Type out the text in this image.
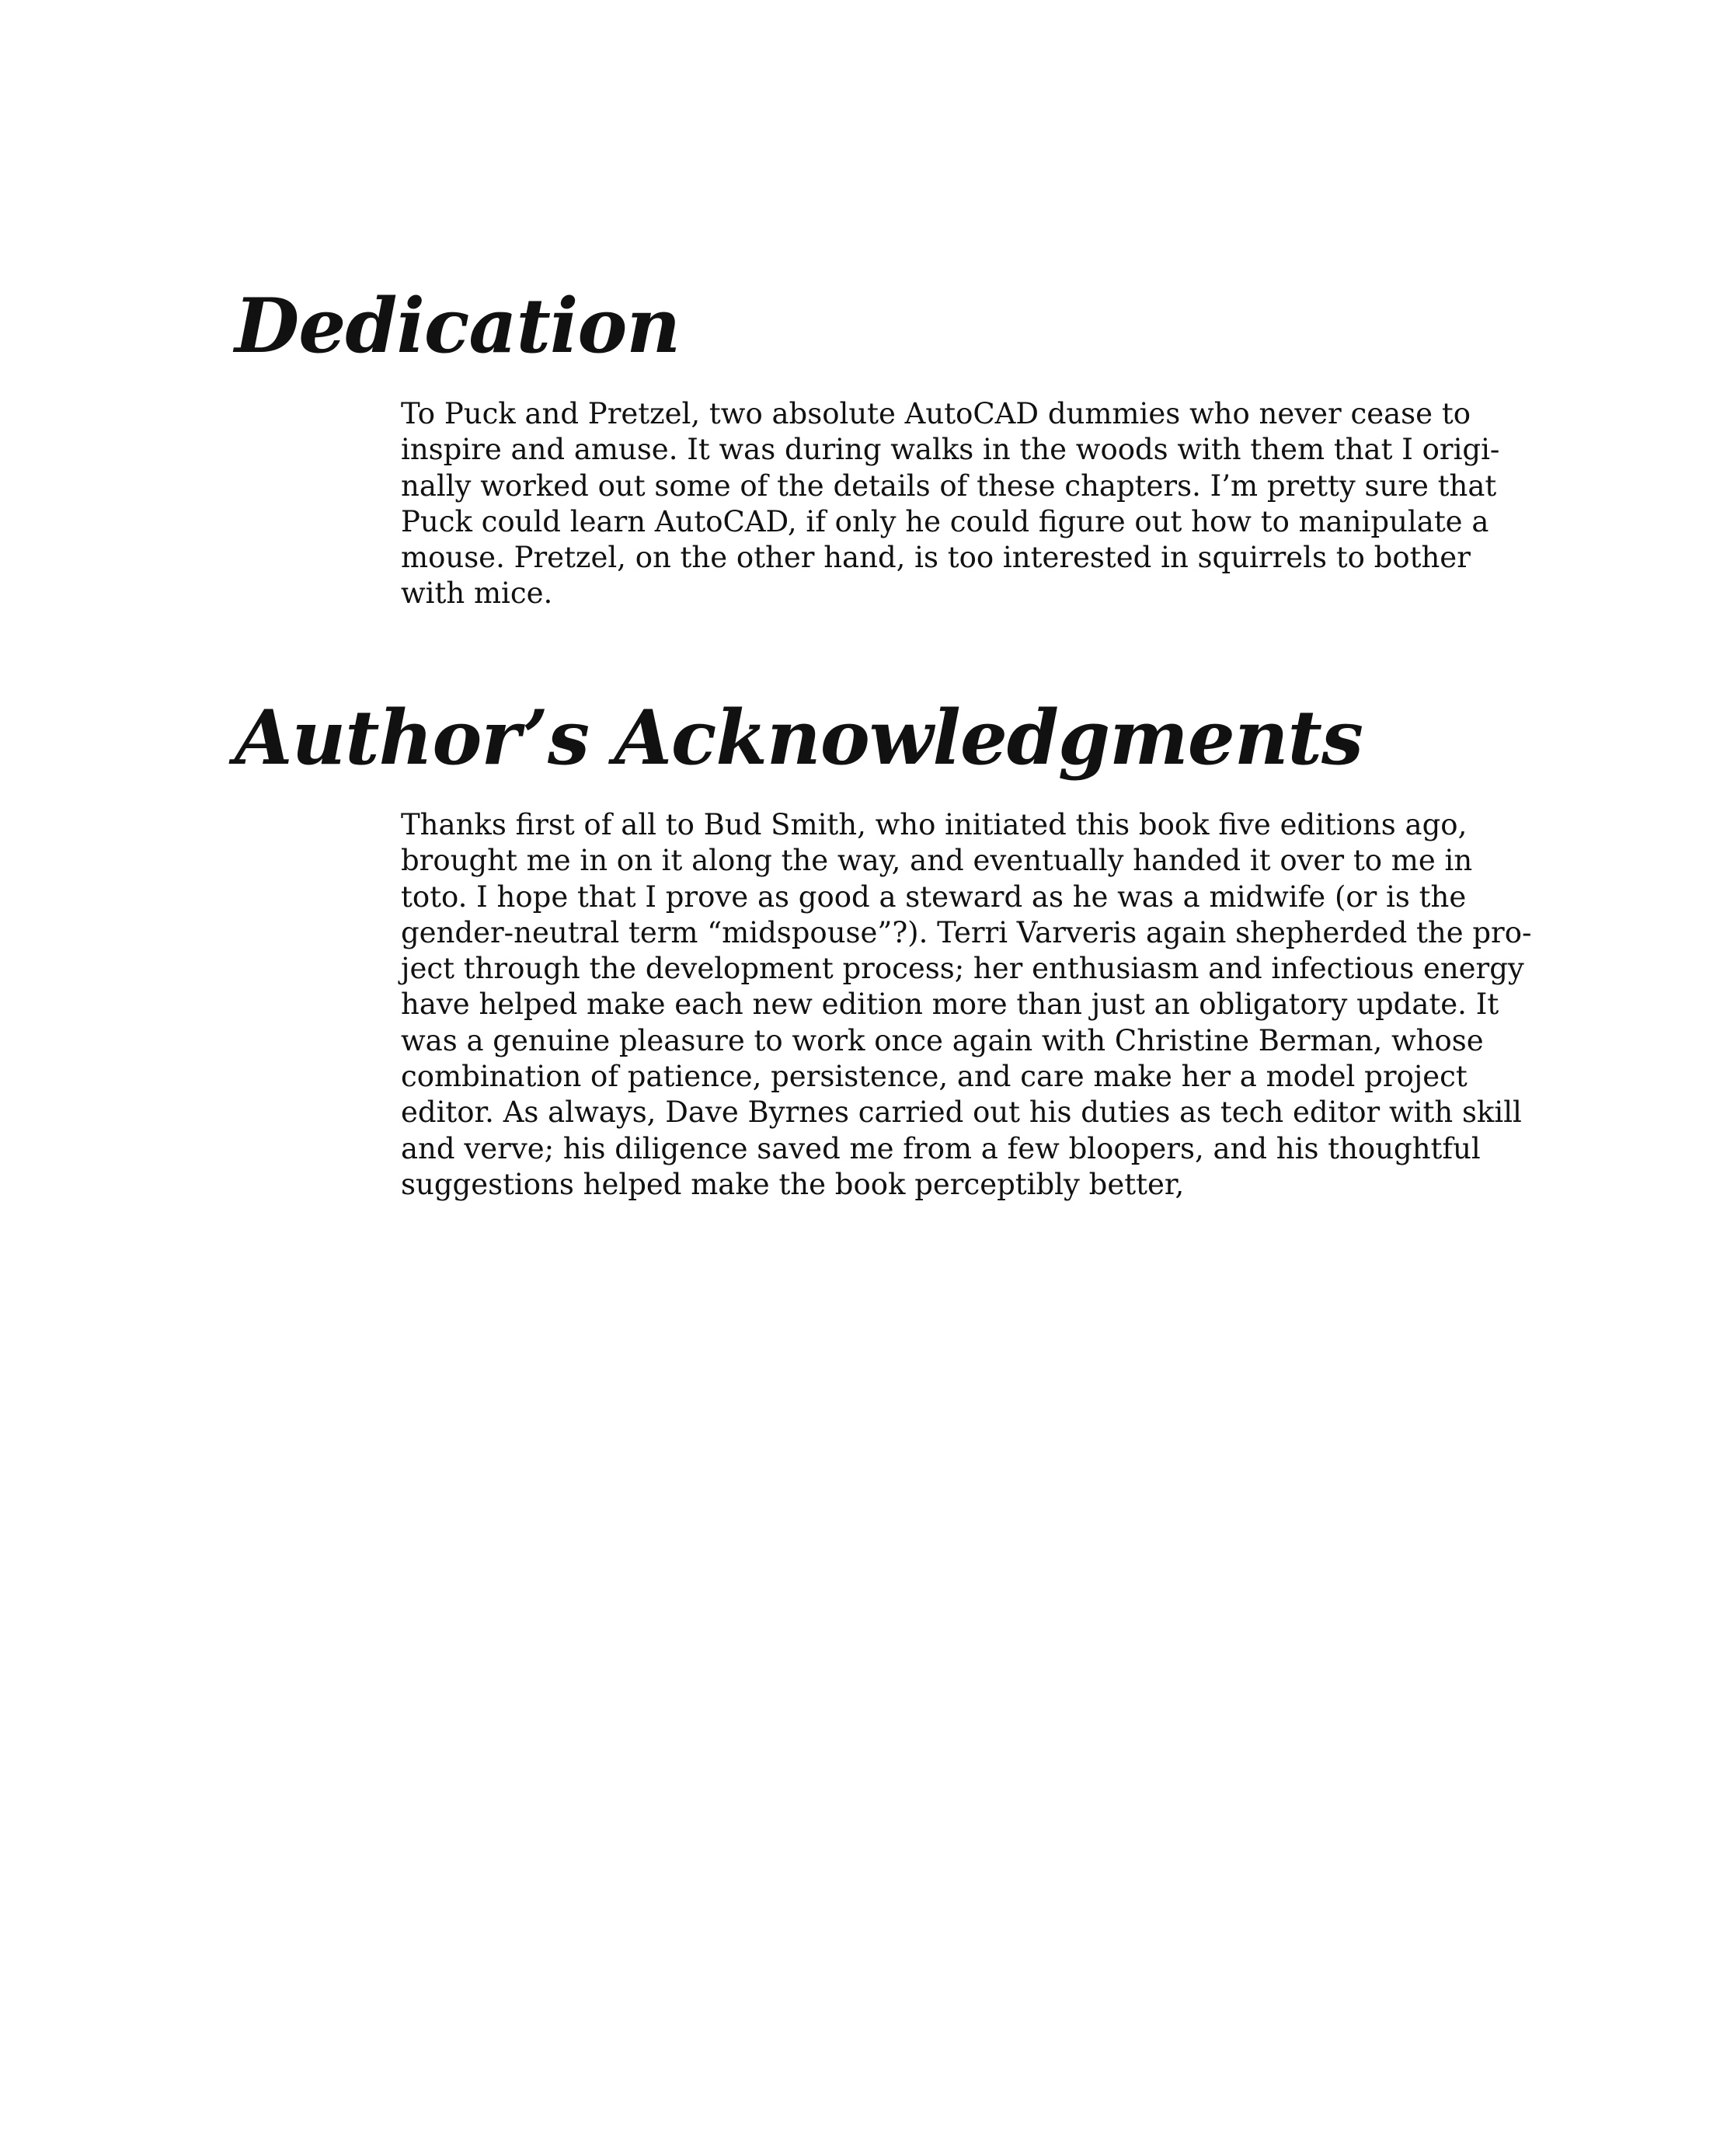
Dedication
To Puck and Pretzel, two absolute AutoCAD dummies who never cease to
inspire and amuse. It was during walks in the woods with them that I origi-
nally worked out some of the details of these chapters. I’m pretty sure that
Puck could learn AutoCAD, if only he could figure out how to manipulate a
mouse. Pretzel, on the other hand, is too interested in squirrels to bother
with mice.
Author’s Acknowledgments
Thanks first of all to Bud Smith, who initiated this book five editions ago,
brought me in on it along the way, and eventually handed it over to me in
toto. I hope that I prove as good a steward as he was a midwife (or is the
gender-neutral term “midspouse”?). Terri Varveris again shepherded the pro-
ject through the development process; her enthusiasm and infectious energy
have helped make each new edition more than just an obligatory update. It
was a genuine pleasure to work once again with Christine Berman, whose
combination of patience, persistence, and care make her a model project
editor. As always, Dave Byrnes carried out his duties as tech editor with skill
and verve; his diligence saved me from a few bloopers, and his thoughtful
suggestions helped make the book perceptibly better,
